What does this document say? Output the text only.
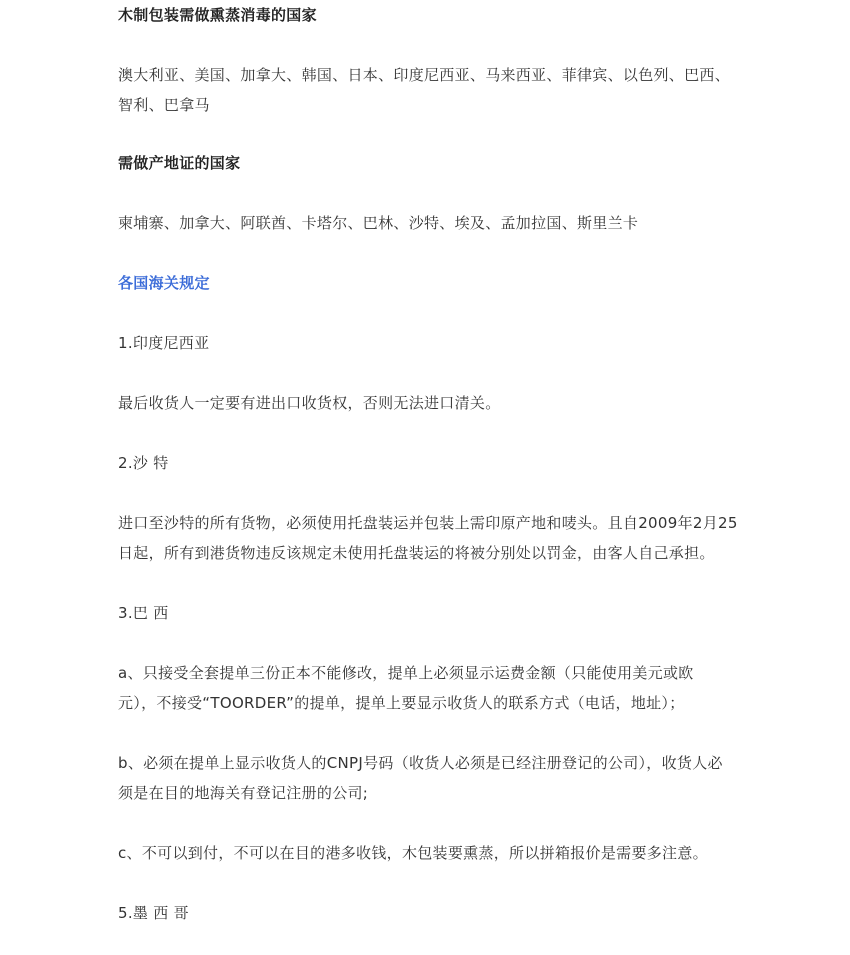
木制包装需做熏蒸消毒的国家
澳大利亚、美国、加拿大、韩国、日本、印度尼西亚、马来西亚、菲律宾、以色列、巴西、
智利、巴拿马
需做产地证的国家
柬埔寨、加拿大、阿联酋、卡塔尔、巴林、沙特、埃及、孟加拉国、斯里兰卡
各国海关规定
1.印度尼西亚
最后收货人一定要有进出口收货权，否则无法进口清关。
2.沙 特
进口至沙特的所有货物，必须使用托盘装运并包装上需印原产地和唛头。且自2009年2月25
日起，所有到港货物违反该规定未使用托盘装运的将被分别处以罚金，由客人自己承担。
3.巴 西
a、只接受全套提单三份正本不能修改，提单上必须显示运费金额（只能使用美元或欧
元），不接受“TOORDER”的提单，提单上要显示收货人的联系方式（电话，地址）；
b、必须在提单上显示收货人的CNPJ号码（收货人必须是已经注册登记的公司），收货人必
须是在目的地海关有登记注册的公司;
c、不可以到付，不可以在目的港多收钱，木包装要熏蒸，所以拼箱报价是需要多注意。
5.墨 西 哥
